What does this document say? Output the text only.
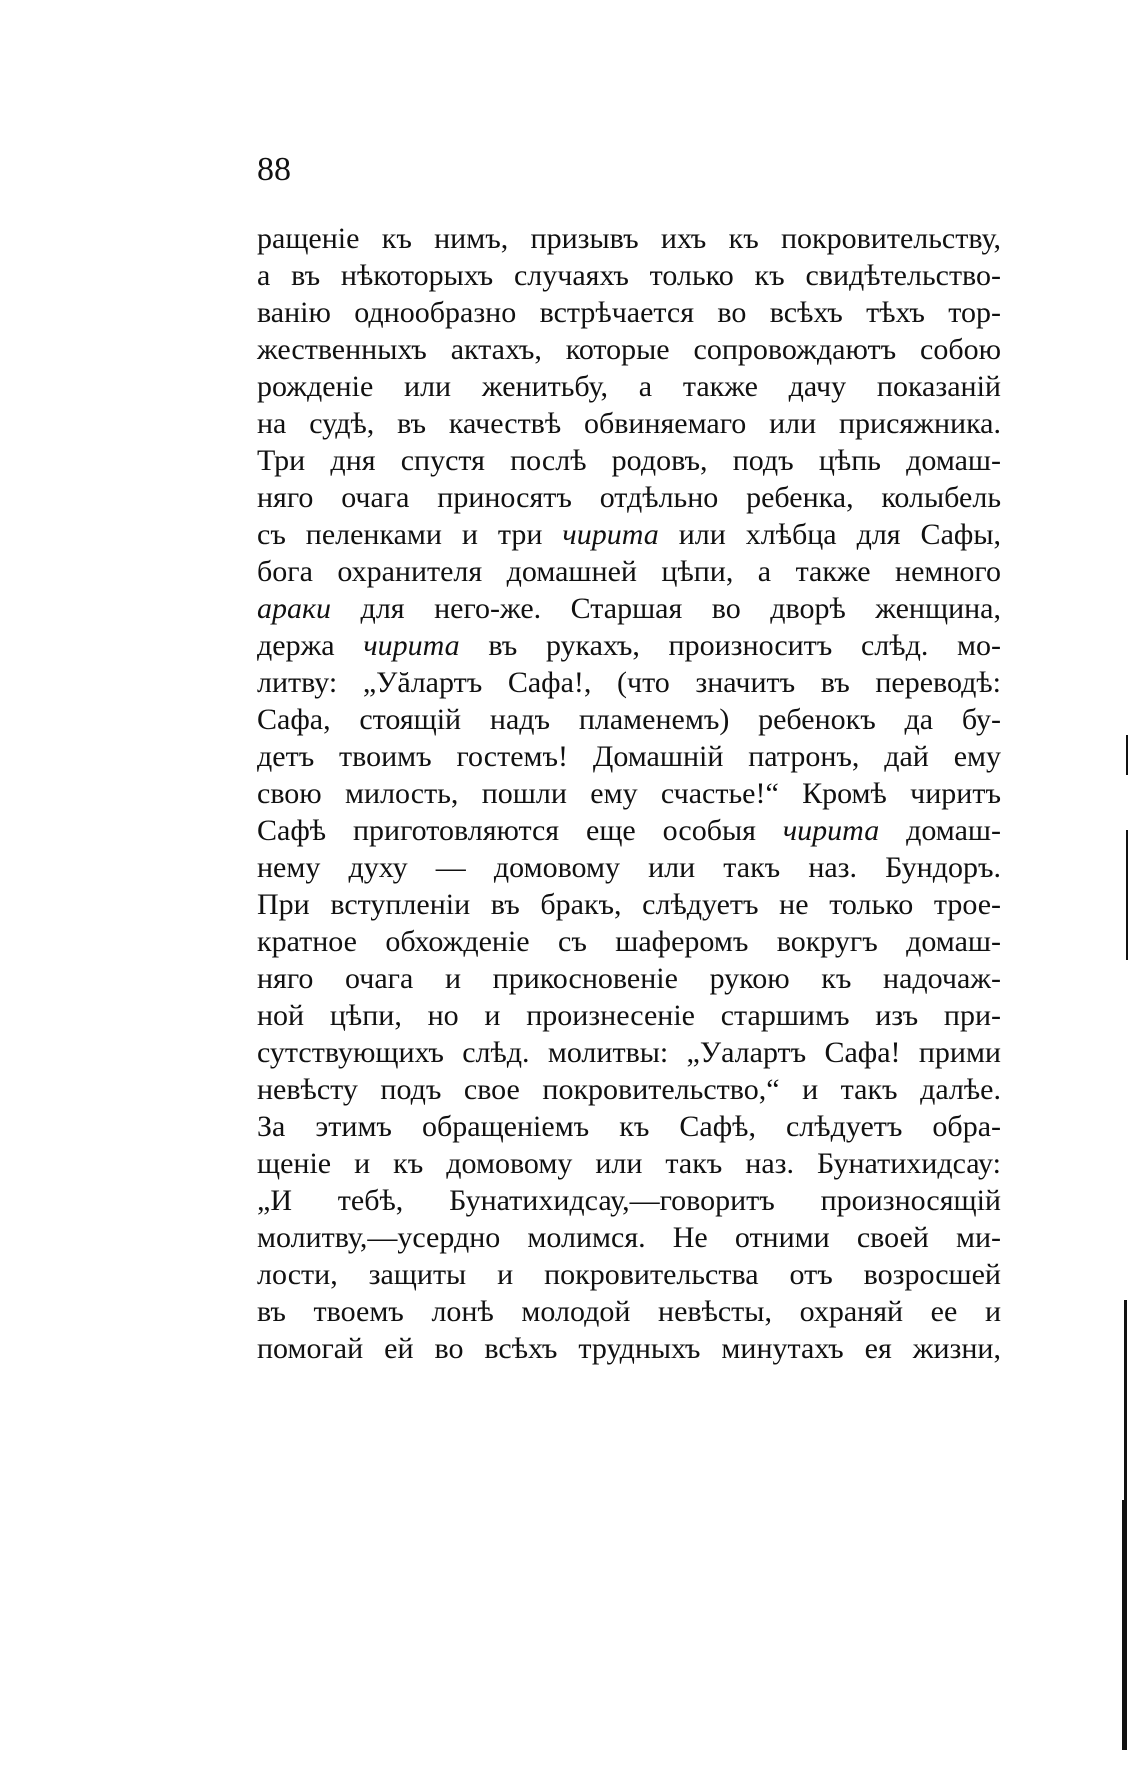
88
ращеніе къ нимъ, призывъ ихъ къ покровительству,
а въ нѣкоторыхъ случаяхъ только къ свидѣтельство-
ванію однообразно встрѣчается во всѣхъ тѣхъ тор-
жественныхъ актахъ, которые сопровождаютъ собою
рожденіе или женитьбу, а также дачу показаній
на судѣ, въ качествѣ обвиняемаго или присяжника.
Три дня спустя послѣ родовъ, подъ цѣпь домаш-
няго очага приносятъ отдѣльно ребенка, колыбель
съ пеленками и три чирита или хлѣбца для Сафы,
бога охранителя домашней цѣпи, а также немного
араки для него-же. Старшая во дворѣ женщина,
держа чирита въ рукахъ, произноситъ слѣд. мо-
литву: „Уăлартъ Сафа!, (что значитъ въ переводѣ:
Сафа, стоящій надъ пламенемъ) ребенокъ да бу-
детъ твоимъ гостемъ! Домашній патронъ, дай ему
свою милость, пошли ему счастье!“ Кромѣ чиритъ
Сафѣ приготовляются еще особыя чирита домаш-
нему духу — домовому или такъ наз. Бундоръ.
При вступленіи въ бракъ, слѣдуетъ не только трое-
кратное обхожденіе съ шаферомъ вокругъ домаш-
няго очага и прикосновеніе рукою къ надочаж-
ной цѣпи, но и произнесеніе старшимъ изъ при-
сутствующихъ слѣд. молитвы: „Уалартъ Сафа! прими
невѣсту подъ свое покровительство,“ и такъ далѣе.
За этимъ обращеніемъ къ Сафѣ, слѣдуетъ обра-
щеніе и къ домовому или такъ наз. Бунатихидсау:
„И тебѣ, Бунатихидсау,—говоритъ произносящій
молитву,—усердно молимся. Не отними своей ми-
лости, защиты и покровительства отъ возросшей
въ твоемъ лонѣ молодой невѣсты, охраняй ее и
помогай ей во всѣхъ трудныхъ минутахъ ея жизни,
